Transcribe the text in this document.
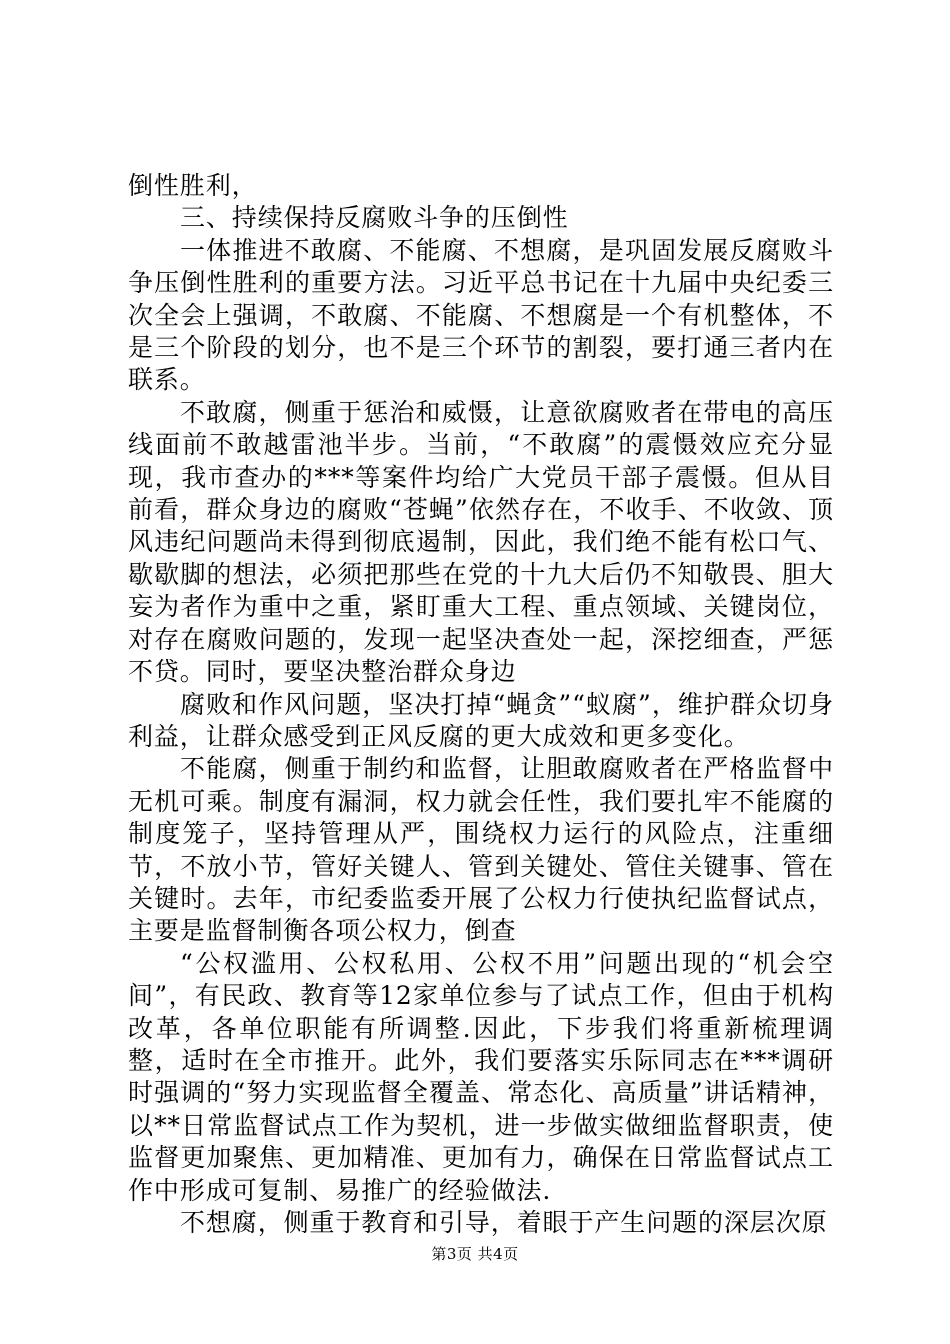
倒性胜利，

三、持续保持反腐败斗争的压倒性

一体推进不敢腐、不能腐、不想腐，是巩固发展反腐败斗争压倒性胜利的重要方法。习近平总书记在十九届中央纪委三次全会上强调，不敢腐、不能腐、不想腐是一个有机整体，不是三个阶段的划分，也不是三个环节的割裂，要打通三者内在联系。

不敢腐，侧重于惩治和威慑，让意欲腐败者在带电的高压线面前不敢越雷池半步。当前，“不敢腐”的震慑效应充分显现，我市查办的***等案件均给广大党员干部子震慑。但从目前看，群众身边的腐败“苍蝇”依然存在，不收手、不收敛、顶风违纪问题尚未得到彻底遏制，因此，我们绝不能有松口气、歇歇脚的想法，必须把那些在党的十九大后仍不知敬畏、胆大妄为者作为重中之重，紧盯重大工程、重点领域、关键岗位，对存在腐败问题的，发现一起坚决查处一起，深挖细查，严惩不贷。同时，要坚决整治群众身边

腐败和作风问题，坚决打掉“蝇贪”“蚁腐”，维护群众切身利益，让群众感受到正风反腐的更大成效和更多变化。

不能腐，侧重于制约和监督，让胆敢腐败者在严格监督中无机可乘。制度有漏洞，权力就会任性，我们要扎牢不能腐的制度笼子，坚持管理从严，围绕权力运行的风险点，注重细节，不放小节，管好关键人、管到关键处、管住关键事、管在关键时。去年，市纪委监委开展了公权力行使执纪监督试点，主要是监督制衡各项公权力，倒查

“公权滥用、公权私用、公权不用”问题出现的“机会空间”，有民政、教育等12家单位参与了试点工作，但由于机构改革，各单位职能有所调整.因此，下步我们将重新梳理调整，适时在全市推开。此外，我们要落实乐际同志在***调研时强调的“努力实现监督全覆盖、常态化、高质量”讲话精神，以**日常监督试点工作为契机，进一步做实做细监督职责，使监督更加聚焦、更加精准、更加有力，确保在日常监督试点工作中形成可复制、易推广的经验做法.

不想腐，侧重于教育和引导，着眼于产生问题的深层次原

第3页 共4页
